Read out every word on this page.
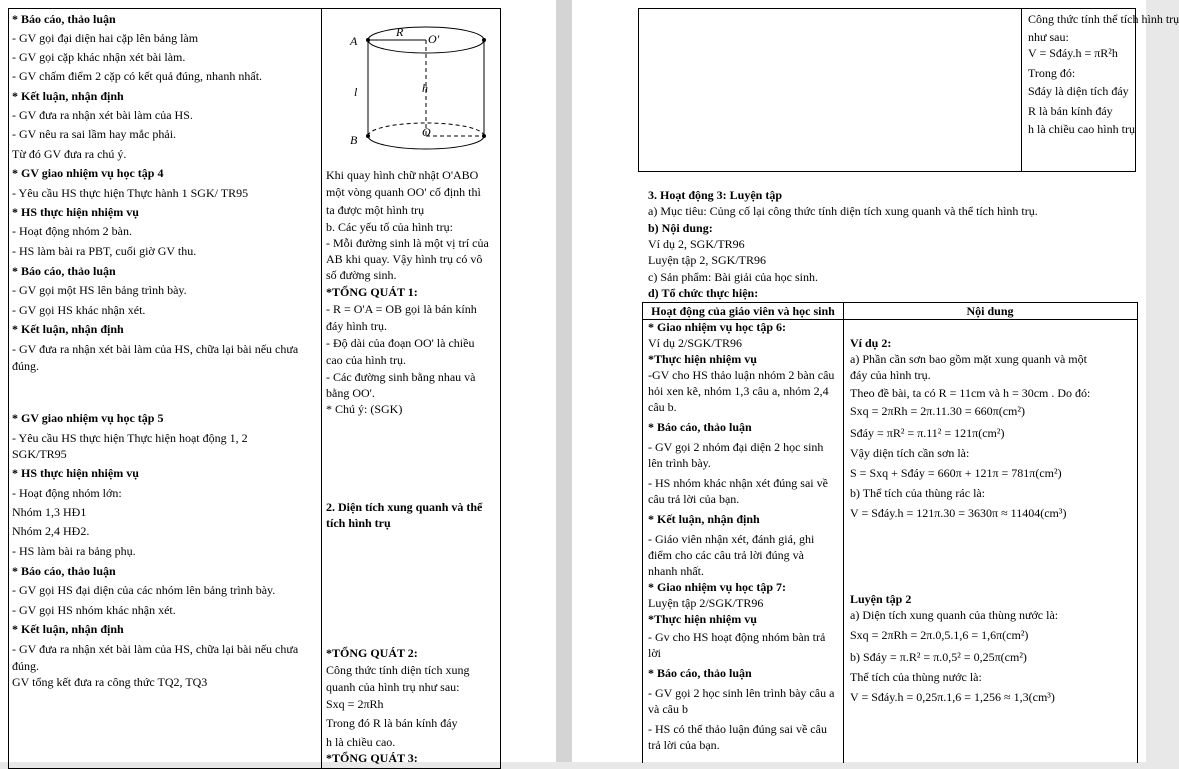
* Báo cáo, thảo luận
- GV gọi đại diện hai cặp lên bảng làm
- GV gọi cặp khác nhận xét bài làm.
- GV chấm điểm 2 cặp có kết quả đúng, nhanh nhất.
* Kết luận, nhận định
- GV đưa ra nhận xét bài làm của HS.
- GV nêu ra sai lầm hay mắc phải.
Từ đó GV đưa ra chú ý.
* GV giao nhiệm vụ học tập 4
- Yêu cầu HS thực hiện Thực hành 1 SGK/ TR95
* HS thực hiện nhiệm vụ
- Hoạt động nhóm 2 bàn.
- HS làm bài ra PBT, cuối giờ GV thu.
* Báo cáo, thảo luận
- GV gọi một HS lên bảng trình bày.
- GV gọi HS khác nhận xét.
* Kết luận, nhận định
- GV đưa ra nhận xét bài làm của HS, chữa lại bài nếu chưa
đúng.
* GV giao nhiệm vụ học tập 5
- Yêu cầu HS thực hiện Thực hiện hoạt động 1, 2
SGK/TR95
* HS thực hiện nhiệm vụ
- Hoạt động nhóm lớn:
Nhóm 1,3 HĐ1
Nhóm 2,4 HĐ2.
- HS làm bài ra bảng phụ.
* Báo cáo, thảo luận
- GV gọi HS đại diện của các nhóm lên bảng trình bày.
- GV gọi HS nhóm khác nhận xét.
* Kết luận, nhận định
- GV đưa ra nhận xét bài làm của HS, chữa lại bài nếu chưa
đúng.
GV tổng kết đưa ra công thức TQ2, TQ3
Khi quay hình chữ nhật O'ABO
một vòng quanh OO' cố định thì
ta được một hình trụ
b. Các yếu tố của hình trụ:
- Mỗi đường sinh là một vị trí của
AB khi quay. Vậy hình trụ có vô
số đường sinh.
*TỔNG QUÁT 1:
- R = O'A = OB gọi là bán kính
đáy hình trụ.
- Độ dài của đoạn OO' là chiều
cao của hình trụ.
- Các đường sinh bằng nhau và
bằng OO'.
* Chú ý: (SGK)
2. Diện tích xung quanh và thể
tích hình trụ
*TỔNG QUÁT 2:
Công thức tính diện tích xung
quanh của hình trụ như sau:
Sxq = 2πRh
Trong đó R là bán kính đáy
h là chiều cao.
*TỔNG QUÁT 3:
A
R O'
l	h
B
O
Công thức tính thể tích hình trụ
như sau:
V = Sđáy.h = πR²h
Trong đó:
Sđáy là diện tích đáy
R là bán kính đáy
h là chiều cao hình trụ
3. Hoạt động 3: Luyện tập
a) Mục tiêu: Củng cố lại công thức tính diện tích xung quanh và thể tích hình trụ.
b) Nội dung:
Ví dụ 2, SGK/TR96
Luyện tập 2, SGK/TR96
c) Sản phẩm: Bài giải của học sinh.
d) Tổ chức thực hiện:
Hoạt động của giáo viên và học sinh	Nội dung
* Giao nhiệm vụ học tập 6:
Ví dụ 2/SGK/TR96
*Thực hiện nhiệm vụ
-GV cho HS thảo luận nhóm 2 bàn câu
hỏi xen kẽ, nhóm 1,3 câu a, nhóm 2,4
câu b.
* Báo cáo, thảo luận
- GV gọi 2 nhóm đại diện 2 học sinh
lên trình bày.
- HS nhóm khác nhận xét đúng sai về
câu trả lời của bạn.
* Kết luận, nhận định
- Giáo viên nhận xét, đánh giá, ghi
điểm cho các câu trả lời đúng và
nhanh nhất.
* Giao nhiệm vụ học tập 7:
Luyện tập 2/SGK/TR96
*Thực hiện nhiệm vụ
- Gv cho HS hoạt động nhóm bàn trả
lời
* Báo cáo, thảo luận
- GV gọi 2 học sinh lên trình bày câu a
và câu b
- HS có thể thảo luận đúng sai về câu
trả lời của bạn.
Ví dụ 2:
a) Phần cần sơn bao gồm mặt xung quanh và một
đáy của hình trụ.
Theo đề bài, ta có R = 11cm và h = 30cm . Do đó:
Sxq = 2πRh = 2π.11.30 = 660π(cm²)
Sđáy = πR² = π.11² = 121π(cm²)
Vậy diện tích cần sơn là:
S = Sxq + Sđáy = 660π + 121π = 781π(cm²)
b) Thể tích của thùng rác là:
V = Sđáy.h = 121π.30 = 3630π ≈ 11404(cm³)
Luyện tập 2
a) Diện tích xung quanh của thùng nước là:
Sxq = 2πRh = 2π.0,5.1,6 = 1,6π(cm²)
b) Sđáy = π.R² = π.0,5² = 0,25π(cm²)
Thể tích của thùng nước là:
V = Sđáy.h = 0,25π.1,6 = 1,256 ≈ 1,3(cm³)
